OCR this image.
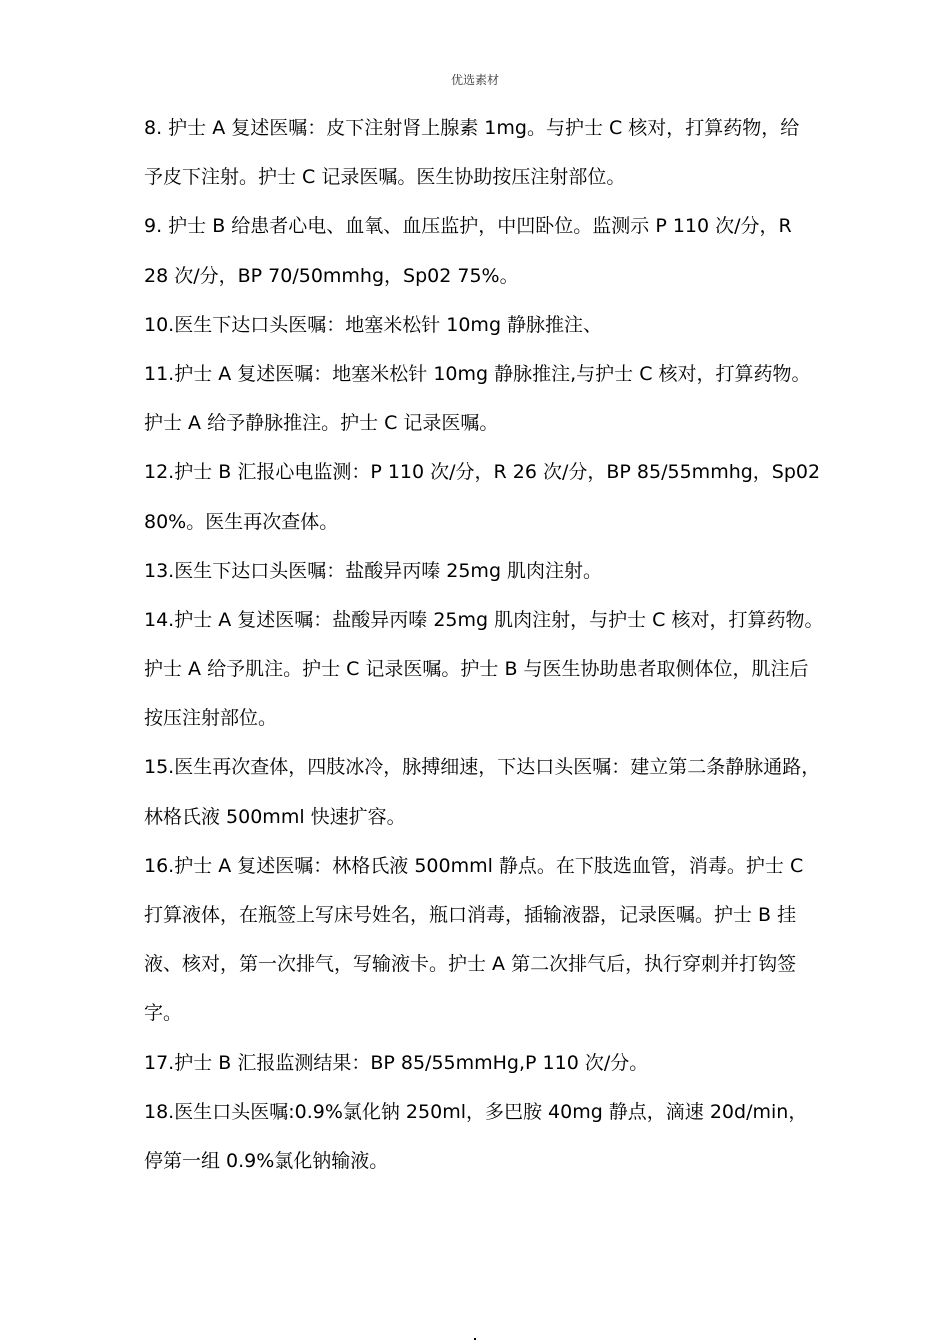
优选素材
8. 护士 A 复述医嘱：皮下注射肾上腺素 1mg。与护士 C 核对，打算药物，给
予皮下注射。护士 C 记录医嘱。医生协助按压注射部位。
9. 护士 B 给患者心电、血氧、血压监护，中凹卧位。监测示 P 110 次/分，R
28 次/分，BP 70/50mmhg，Sp02 75%。
10.医生下达口头医嘱：地塞米松针 10mg 静脉推注、
11.护士 A 复述医嘱：地塞米松针 10mg 静脉推注,与护士 C 核对，打算药物。
护士 A 给予静脉推注。护士 C 记录医嘱。
12.护士 B 汇报心电监测：P 110 次/分，R 26 次/分，BP 85/55mmhg，Sp02
80%。医生再次查体。
13.医生下达口头医嘱：盐酸异丙嗪 25mg 肌肉注射。
14.护士 A 复述医嘱：盐酸异丙嗪 25mg 肌肉注射，与护士 C 核对，打算药物。
护士 A 给予肌注。护士 C 记录医嘱。护士 B 与医生协助患者取侧体位，肌注后
按压注射部位。
15.医生再次查体，四肢冰冷，脉搏细速，下达口头医嘱：建立第二条静脉通路，
林格氏液 500mml 快速扩容。
16.护士 A 复述医嘱：林格氏液 500mml 静点。在下肢选血管，消毒。护士 C
打算液体，在瓶签上写床号姓名，瓶口消毒，插输液器，记录医嘱。护士 B 挂
液、核对，第一次排气，写输液卡。护士 A 第二次排气后，执行穿刺并打钩签
字。
17.护士 B 汇报监测结果：BP 85/55mmHg,P 110 次/分。
18.医生口头医嘱:0.9%氯化钠 250ml，多巴胺 40mg 静点，滴速 20d/min，
停第一组 0.9%氯化钠输液。
